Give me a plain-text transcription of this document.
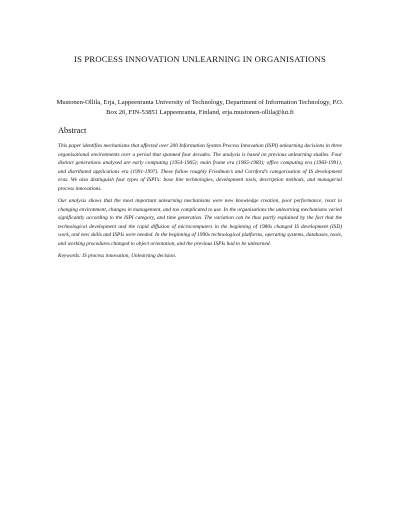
IS PROCESS INNOVATION UNLEARNING IN ORGANISATIONS
Mustonen-Ollila, Erja, Lappeenranta University of Technology, Department of Information Technology, P.O. Box 20, FIN-53851 Lappeenranta, Finland, erja.mustonen-ollila@lut.fi
Abstract

This paper identifies mechanisms that affected over 200 Information System Process Innovation (ISPI) unlearning decisions in three organisational environments over a period that spanned four decades. The analysis is based on previous unlearning studies. Four distinct generations analysed are early computing (1954-1965); main frame era (1965-1983); office computing era (1983-1991), and distributed applications era (1991-1997). These follow roughly Friedman’s and Cornford’s categorisation of IS development eras. We also distinguish four types of ISPI’s: base line technologies, development tools, description methods, and managerial process innovations.

Our analysis shows that the most important unlearning mechanisms were new knowledge creation, poor performance, react to changing environment, changes in management, and too complicated to use. In the organisations the unlearning mechanisms varied significantly according to the ISPI category, and time generation. The variation can be thus partly explained by the fact that the technological development and the rapid diffusion of microcomputers in the beginning of 1980s changed IS development (ISD) work, and new skills and ISPIs were needed. In the beginning of 1990s technological platforms, operating systems, databases, tools, and working procedures changed to object orientation, and the previous ISPIs had to be unlearned.

Keywords: IS process innovation, Unlearning decision.
